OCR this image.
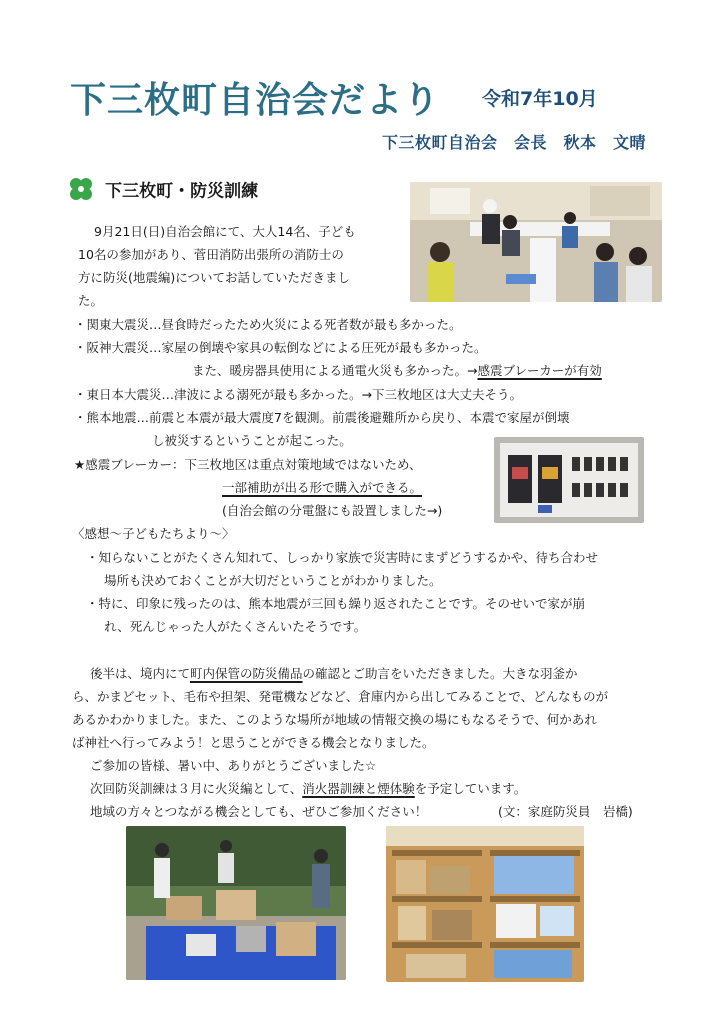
下三枚町自治会だより 令和7年10月
下三枚町自治会　会長　秋本　文晴
下三枚町・防災訓練
9月21日(日)自治会館にて、大人14名、子ども
10名の参加があり、菅田消防出張所の消防士の
方に防災(地震編)についてお話していただきまし
た。
・関東大震災…昼食時だったため火災による死者数が最も多かった。
・阪神大震災…家屋の倒壊や家具の転倒などによる圧死が最も多かった。
また、暖房器具使用による通電火災も多かった。→感震ブレーカーが有効
・東日本大震災…津波による溺死が最も多かった。→下三枚地区は大丈夫そう。
・熊本地震…前震と本震が最大震度7を観測。前震後避難所から戻り、本震で家屋が倒壊
し被災するということが起こった。
★感震ブレーカー：下三枚地区は重点対策地域ではないため、
一部補助が出る形で購入ができる。
(自治会館の分電盤にも設置しました→)
〈感想～子どもたちより～〉
・知らないことがたくさん知れて、しっかり家族で災害時にまずどうするかや、待ち合わせ
場所も決めておくことが大切だということがわかりました。
・特に、印象に残ったのは、熊本地震が三回も繰り返されたことです。そのせいで家が崩
れ、死んじゃった人がたくさんいたそうです。
後半は、境内にて町内保管の防災備品の確認とご助言をいただきました。大きな羽釜か
ら、かまどセット、毛布や担架、発電機などなど、倉庫内から出してみることで、どんなものが
あるかわかりました。また、このような場所が地域の情報交換の場にもなるそうで、何かあれ
ば神社へ行ってみよう！と思うことができる機会となりました。
ご参加の皆様、暑い中、ありがとうございました☆
次回防災訓練は３月に火災編として、消火器訓練と煙体験を予定しています。
地域の方々とつながる機会としても、ぜひご参加ください！	(文：家庭防災員　岩橋)
